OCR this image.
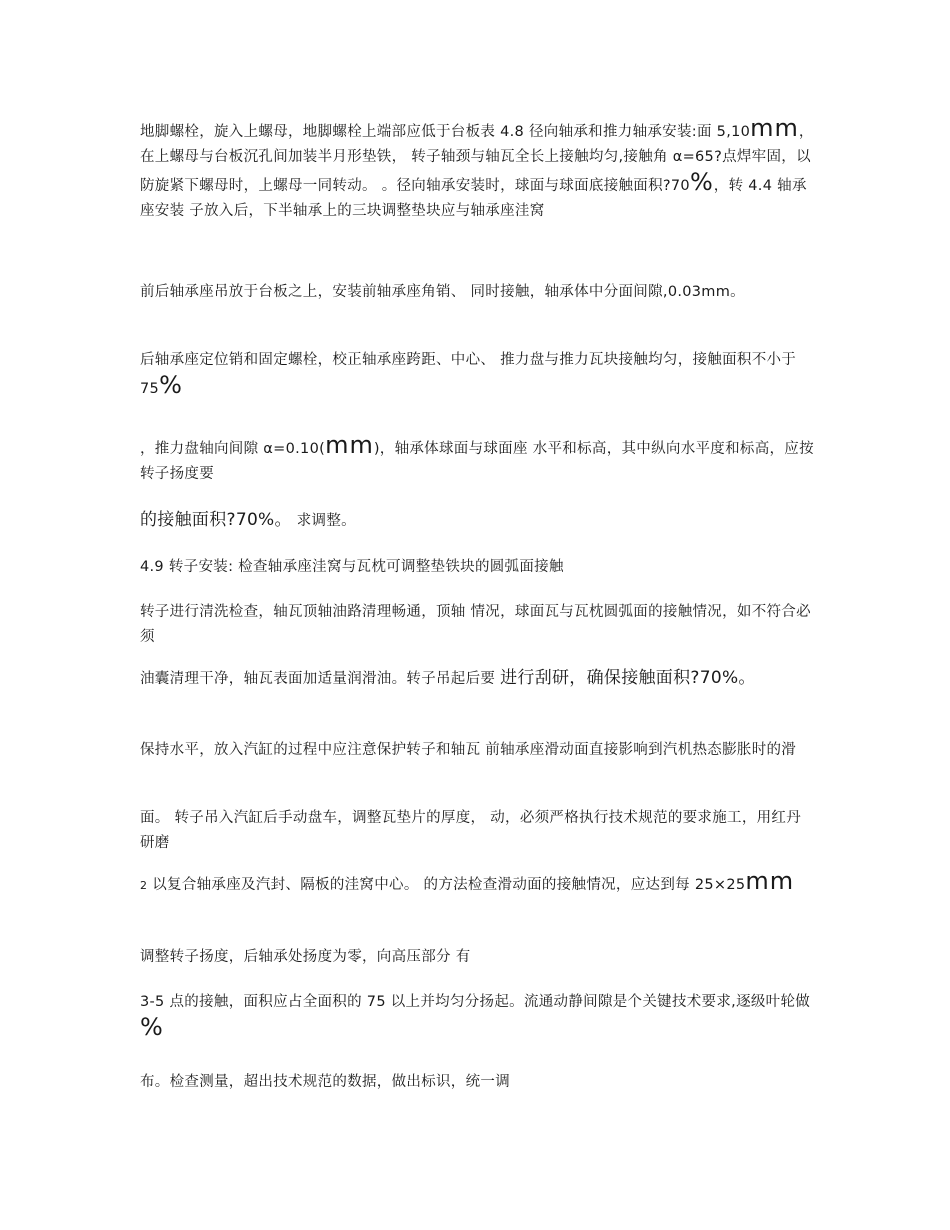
地脚螺栓，旋入上螺母，地脚螺栓上端部应低于台板表 4.8 径向轴承和推力轴承安装:面 5,10mm，在上螺母与台板沉孔间加装半月形垫铁， 转子轴颈与轴瓦全长上接触均匀,接触角 α=65?点焊牢固，以防旋紧下螺母时，上螺母一同转动。 。径向轴承安装时，球面与球面底接触面积?70%，转 4.4 轴承座安装 子放入后，下半轴承上的三块调整垫块应与轴承座洼窝
前后轴承座吊放于台板之上，安装前轴承座角销、 同时接触，轴承体中分面间隙,0.03mm。
后轴承座定位销和固定螺栓，校正轴承座跨距、中心、 推力盘与推力瓦块接触均匀，接触面积不小于 75%
，推力盘轴向间隙 α=0.10(mm)，轴承体球面与球面座 水平和标高，其中纵向水平度和标高，应按转子扬度要
的接触面积?70%。 求调整。
4.9 转子安装: 检查轴承座洼窝与瓦枕可调整垫铁块的圆弧面接触
转子进行清洗检查，轴瓦顶轴油路清理畅通，顶轴 情况，球面瓦与瓦枕圆弧面的接触情况，如不符合必须
油囊清理干净，轴瓦表面加适量润滑油。转子吊起后要 进行刮研，确保接触面积?70%。
保持水平，放入汽缸的过程中应注意保护转子和轴瓦 前轴承座滑动面直接影响到汽机热态膨胀时的滑
面。 转子吊入汽缸后手动盘车，调整瓦垫片的厚度， 动，必须严格执行技术规范的要求施工，用红丹研磨
2 以复合轴承座及汽封、隔板的洼窝中心。 的方法检查滑动面的接触情况，应达到每 25×25mm
调整转子扬度，后轴承处扬度为零，向高压部分 有
3-5 点的接触，面积应占全面积的 75 以上并均匀分扬起。流通动静间隙是个关键技术要求,逐级叶轮做 %
布。检查测量，超出技术规范的数据，做出标识，统一调
